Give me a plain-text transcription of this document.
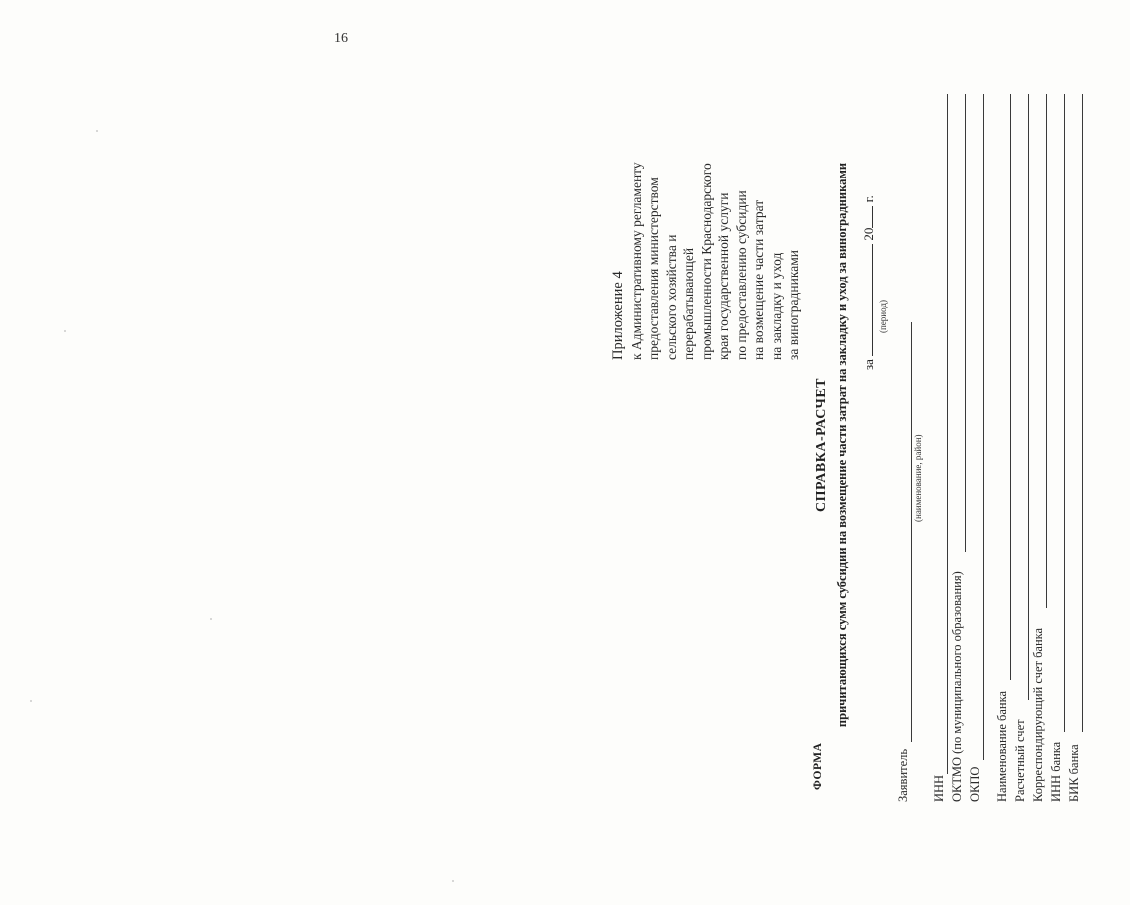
16
Приложение 4 к Административному регламенту предоставления министерством сельского хозяйства и перерабатывающей промышленности Краснодарского края государственной услуги по предоставлению субсидии на возмещение части затрат на закладку и уход за виноградниками
ФОРМА
СПРАВКА-РАСЧЕТ причитающихся сумм субсидии на возмещение части затрат на закладку и уход за виноградниками за  20 г.
(период)
Заявитель
(наименование, район)
ИНН ОКТМО (по муниципального образования) ОКПО Наименование банка Расчетный счет Корреспондирующий счет банка ИНН банка БИК банка
